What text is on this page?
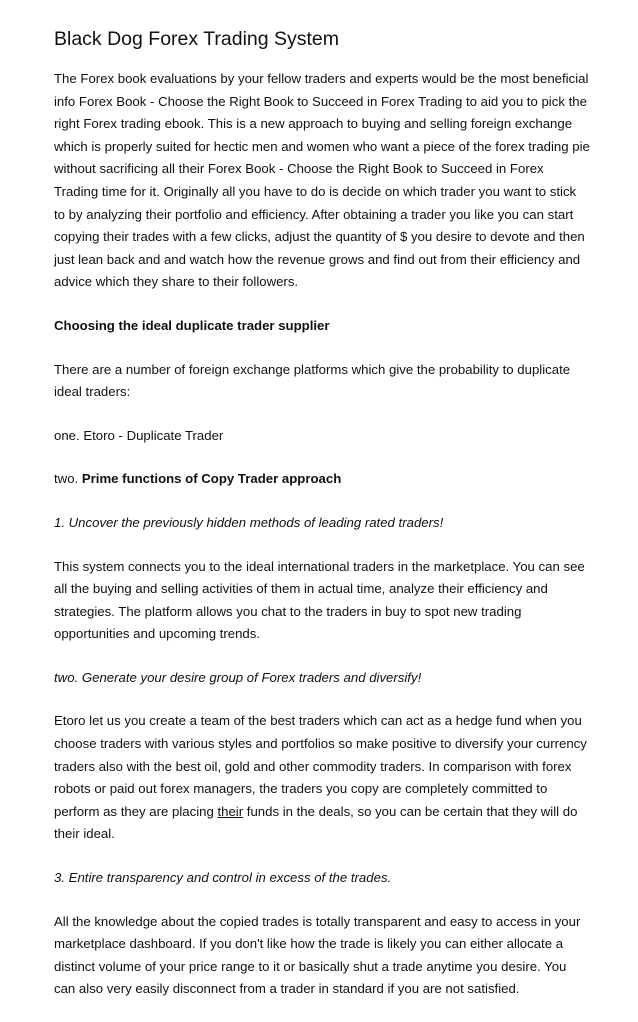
Black Dog Forex Trading System

The Forex book evaluations by your fellow traders and experts would be the most beneficial info Forex Book - Choose the Right Book to Succeed in Forex Trading to aid you to pick the right Forex trading ebook. This is a new approach to buying and selling foreign exchange which is properly suited for hectic men and women who want a piece of the forex trading pie without sacrificing all their Forex Book - Choose the Right Book to Succeed in Forex Trading time for it. Originally all you have to do is decide on which trader you want to stick to by analyzing their portfolio and efficiency. After obtaining a trader you like you can start copying their trades with a few clicks, adjust the quantity of $ you desire to devote and then just lean back and and watch how the revenue grows and find out from their efficiency and advice which they share to their followers.

Choosing the ideal duplicate trader supplier

There are a number of foreign exchange platforms which give the probability to duplicate ideal traders:

one. Etoro - Duplicate Trader

two. Prime functions of Copy Trader approach

1. Uncover the previously hidden methods of leading rated traders!

This system connects you to the ideal international traders in the marketplace. You can see all the buying and selling activities of them in actual time, analyze their efficiency and strategies. The platform allows you chat to the traders in buy to spot new trading opportunities and upcoming trends.

two. Generate your desire group of Forex traders and diversify!

Etoro let us you create a team of the best traders which can act as a hedge fund when you choose traders with various styles and portfolios so make positive to diversify your currency traders also with the best oil, gold and other commodity traders. In comparison with forex robots or paid out forex managers, the traders you copy are completely committed to perform as they are placing their funds in the deals, so you can be certain that they will do their ideal.

3. Entire transparency and control in excess of the trades.

All the knowledge about the copied trades is totally transparent and easy to access in your marketplace dashboard. If you don't like how the trade is likely you can either allocate a distinct volume of your price range to it or basically shut a trade anytime you desire. You can also very easily disconnect from a trader in standard if you are not satisfied.
